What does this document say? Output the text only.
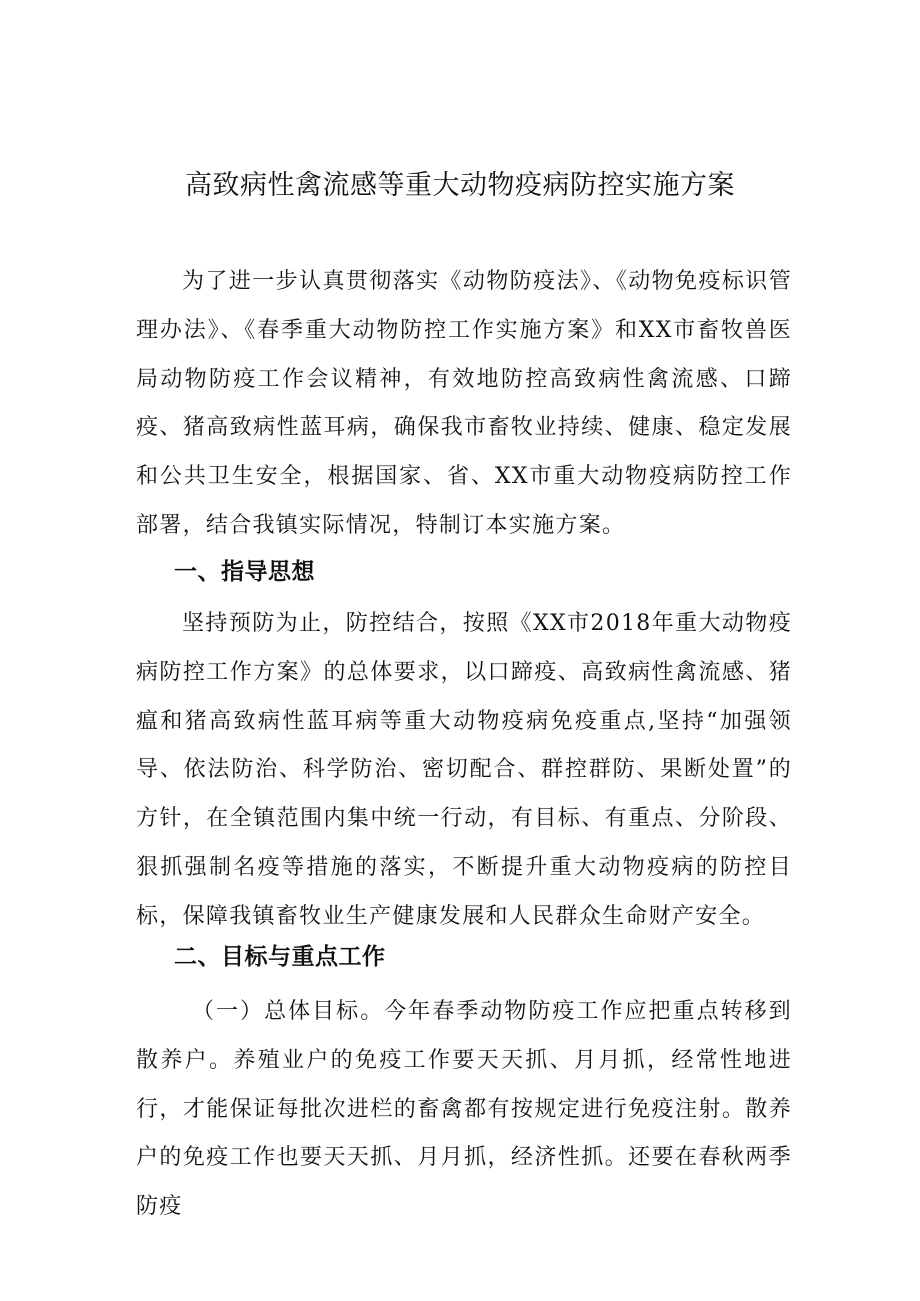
高致病性禽流感等重大动物疫病防控实施方案

为了进一步认真贯彻落实《动物防疫法》、《动物免疫标识管理办法》、《春季重大动物防控工作实施方案》和XX市畜牧兽医局动物防疫工作会议精神，有效地防控高致病性禽流感、口蹄疫、猪高致病性蓝耳病，确保我市畜牧业持续、健康、稳定发展和公共卫生安全，根据国家、省、XX市重大动物疫病防控工作部署，结合我镇实际情况，特制订本实施方案。

一、指导思想

坚持预防为止，防控结合，按照《XX市2018年重大动物疫病防控工作方案》的总体要求，以口蹄疫、高致病性禽流感、猪瘟和猪高致病性蓝耳病等重大动物疫病免疫重点,坚持“加强领导、依法防治、科学防治、密切配合、群控群防、果断处置”的方针，在全镇范围内集中统一行动，有目标、有重点、分阶段、狠抓强制名疫等措施的落实，不断提升重大动物疫病的防控目标，保障我镇畜牧业生产健康发展和人民群众生命财产安全。

二、目标与重点工作

（一）总体目标。今年春季动物防疫工作应把重点转移到散养户。养殖业户的免疫工作要天天抓、月月抓，经常性地进行，才能保证每批次进栏的畜禽都有按规定进行免疫注射。散养户的免疫工作也要天天抓、月月抓，经济性抓。还要在春秋两季防疫
